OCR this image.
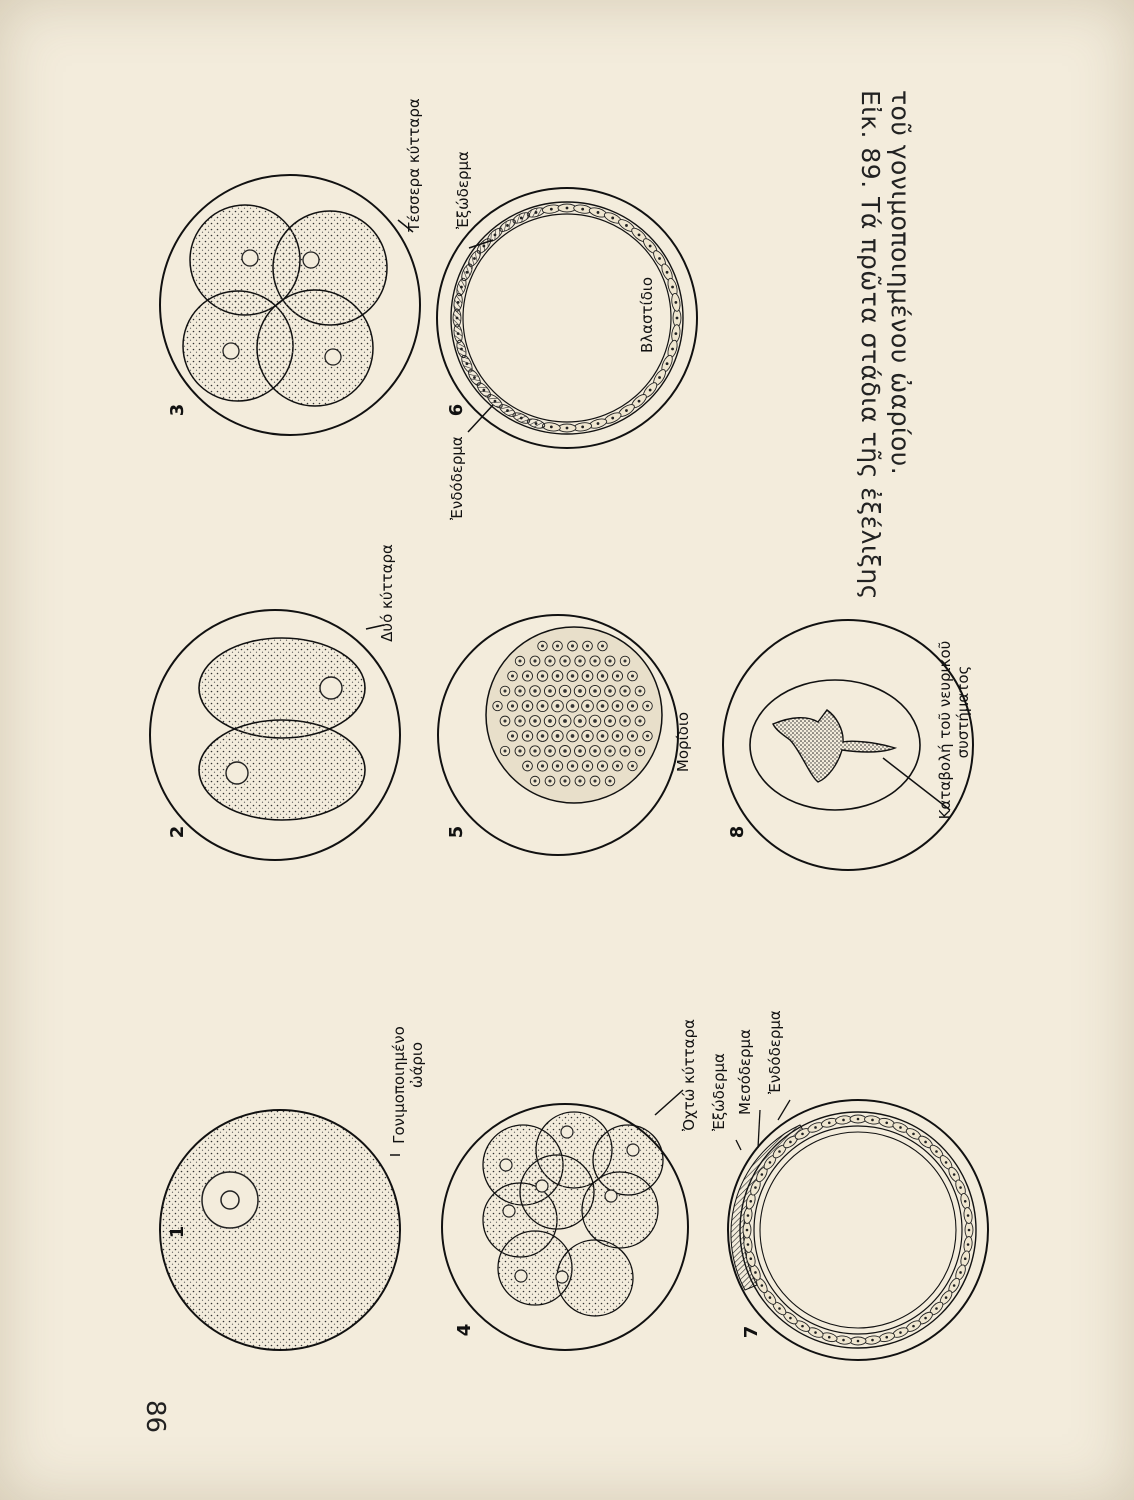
1
Γονιμοποιημένο ὠάριο
2
Δυό κύτταρα
3
Τέσσερα κύτταρα
4
Ὀχτώ κύτταρα
5
Μορίδιο
6
Ἐξώδερμα
Ἐνδόδερμα
Βλαστίδιο
7
Ἐξώδερμα Μεσόδερμα Ἐνδόδερμα
8
Καταβολή τοῦ νευρικοῦ συστήματος
Εἰκ. 89. Τά πρῶτα στάδια τῆς ἐξέλιξης τοῦ γονιμοποιημένου ὠαρίου.
86
